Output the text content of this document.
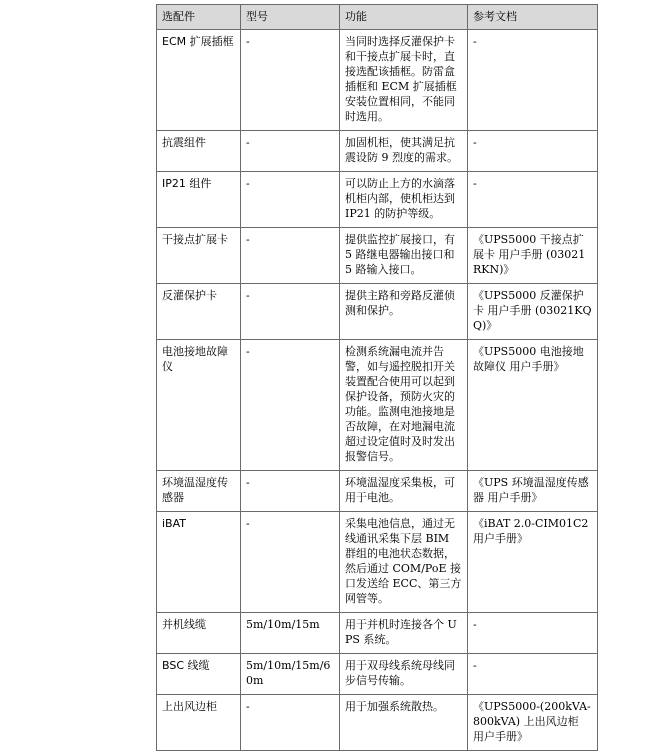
选配件	型号	功能	参考文档
ECM 扩展插框	-	当同时选择反灌保护卡和干接点扩展卡时，直接选配该插框。防雷盒插框和 ECM 扩展插框安装位置相同，不能同时选用。	-
抗震组件	-	加固机柜，使其满足抗震设防 9 烈度的需求。	-
IP21 组件	-	可以防止上方的水滴落机柜内部，使机柜达到 IP21 的防护等级。	-
干接点扩展卡	-	提供监控扩展接口，有 5 路继电器输出接口和 5 路输入接口。	《UPS5000 干接点扩展卡 用户手册 (03021RKN)》
反灌保护卡	-	提供主路和旁路反灌侦测和保护。	《UPS5000 反灌保护卡 用户手册 (03021KQQ)》
电池接地故障仪	-	检测系统漏电流并告警，如与遥控脱扣开关装置配合使用可以起到保护设备，预防火灾的功能。监测电池接地是否故障，在对地漏电流超过设定值时及时发出报警信号。	《UPS5000 电池接地故障仪 用户手册》
环境温湿度传感器	-	环境温湿度采集板，可用于电池。	《UPS 环境温湿度传感器 用户手册》
iBAT	-	采集电池信息，通过无线通讯采集下层 BIM 群组的电池状态数据，然后通过 COM/PoE 接口发送给 ECC、第三方网管等。	《iBAT 2.0-CIM01C2 用户手册》
并机线缆	5m/10m/15m	用于并机时连接各个 UPS 系统。	-
BSC 线缆	5m/10m/15m/60m	用于双母线系统母线同步信号传输。	-
上出风边柜	-	用于加强系统散热。	《UPS5000-(200kVA-800kVA) 上出风边柜 用户手册》
